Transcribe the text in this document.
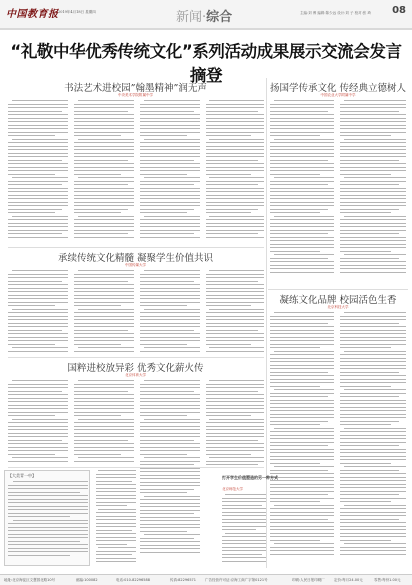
中国教育报 2019年4月18日 星期四	新闻·综合	主编:刘 博 编辑:陈少远 设计:刘 子 校对:张 琦 08
“礼敬中华优秀传统文化”系列活动成果展示交流会发言摘登
书法艺术进校园”翰墨精神”润无声
中央美术学院附属中学
扬国学传承文化 传经典立德树人
中国农业大学附属中学
承续传统文化精髓 凝聚学生价值共识
中国传媒大学
凝练文化品牌 校园活色生香
北京科技大学
国粹进校放异彩 优秀文化薪火传
北京体育大学
【大美青一中】	打开学生价值塑造的另一种方式
北京师范大学
地址:北京海淀区文慧园北路10号	邮编:100082	电话:010-82296588	传真:82296571	广告经营许可证:京海工商广字第0121号	印刷:人民日报印刷厂	定价:每月24.00元	零售:每份1.00元
